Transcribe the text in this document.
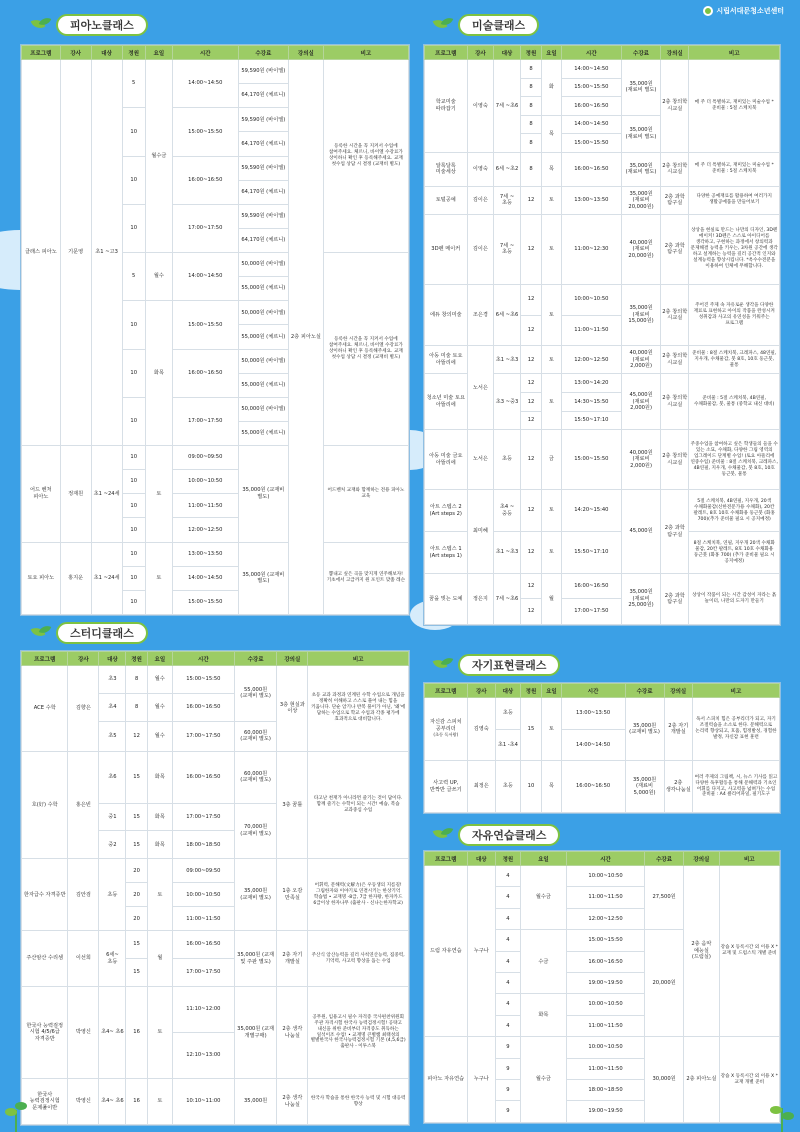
시립서대문청소년센터
피아노클래스
프로그램	강사	대상	정원	요일	시간	수강료	강의실	비고
클래스 피아노	기문영	초1 ~고3	5	월수금	14:00~14:50	59,590원 (바이엘)	2층 피아노실	등록한 시간을 꼭 지켜서 수업에 참여주세요. 체르니, 바이엘 수강료가 상이하니 확인 후 등록해주세요. 교재 첫수업 상담 시 결정 (교재비 별도)
						64,170원 (체르니)		
			10		15:00~15:50	59,590원 (바이엘)		
						64,170원 (체르니)		
			10		16:00~16:50	59,590원 (바이엘)		
						64,170원 (체르니)		
			10		17:00~17:50	59,590원 (바이엘)		
						64,170원 (체르니)		
			5	월수	14:00~14:50	50,000원 (바이엘)		등록한 시간을 꼭 지켜서 수업에 참여주세요. 체르니, 바이엘 수강료가 상이하니 확인 후 등록해주세요. 교재 첫수업 상담 시 결정 (교재비 별도)
						55,000원 (체르니)		
			10	화목	15:00~15:50	50,000원 (바이엘)		
						55,000원 (체르니)		
			10		16:00~16:50	50,000원 (바이엘)		
						55,000원 (체르니)		
			10		17:00~17:50	50,000원 (바이엘)		
						55,000원 (체르니)		
어드 벤처 피아노	정재원	초1 ~24세	10	토	09:00~09:50	35,000원 (교재비 별도)		어드벤처 교재와 함께하는 전용 피아노 교육
			10		10:00~10:50			
			10		11:00~11:50			
			10		12:00~12:50			
토요 피아노	홍지운	초1 ~24세	10	토	13:00~13:50	35,000원 (교재비 별도)		뽑내고 싶은 곡을 맞지게 연주해보자! 기초에서 고급까지 원 포인트 맞춤 레슨
			10		14:00~14:50			
			10		15:00~15:50			
미술클래스
프로그램	강사	대상	정원	요일	시간	수강료	강의실	비고
학교미술 따라잡기	이영숙	7세 ~초6	8	화	14:00~14:50	35,000원 (재료비 별도)	2층 창의학 시교실	매 주 더 특별하고, 재미있는 미술수업 *준비물 : 5절 스케치북
			8		15:00~15:50			
			8		16:00~16:50			
			8	목	14:00~14:50	35,000원 (재료비 별도)		
			8		15:00~15:50			
알록달록 미술세상	이영숙	6세 ~초2	8	목	16:00~16:50	35,000원 (재료비 별도)	2층 창의학 시교실	매 주 더 특별하고, 재미있는 미술수업 *준비물 : 5절 스케치북
토털공예	김이은	7세 ~초등	12	토	13:00~13:50	35,000원 (재료비 20,000원)	2층 과학 탐구실	다양한 공예재료를 활용하여 여러가지 생활공예품을 만들어보기
3D펜 메이커	김이은	7세 ~초등	12	토	11:00~12:30	40,000원 (재료비 20,000원)	2층 과학 탐구실	상상을 현실로 만드는 나만의 디자인, 3D펜 메이커! 3D펜은 스스로 아이디어를 생각하고, 구현하는 과정에서 창의력과 문제해결 능력을 키우는, 3차원 공간에 생각 하고 설계하는 능력을 길러 공간적 인지와 설계능력을 향상시킵니다. *옥수수전분을 이용하여 인체에 무해합니다.
에듀 창의미술	조은경	6세 ~초6	12	토	10:00~10:50	35,000원 (재료비 15,000원)	2층 창의학 시교실	주어진 주제 속 자유로운 생각을 다양한 재료로 표현하고 아이의 작품을 완성시켜 성취감과 사고의 유연성을 키워주는 프로그램
			12		11:00~11:50			
아동 미술 토요 아뜰리에	노서은	초1 ~초3	12	토	12:00~12:50	40,000원 (재료비 2,000원)	2층 창의학 시교실	준비물 : 8절 스케치북, 크레파스, 48연필, 지우개, 수채물감, 붓 8호, 10호 둥근붓, 물통
청소년 미술 토요 아뜰리에		초3 ~중3	12	토	13:00~14:20	45,000원 (재료비 2,000원)	2층 창의학 시교실	준비물 : 5절 스케치북, 4B연필, 수채화물감, 붓, 물통 (중학교 내신 대비)
			12		14:30~15:50			
			12		15:50~17:10			
아동 미술 금요 아뜰리에	노서은	초등	12	금	15:00~15:50	40,000원 (재료비 2,000원)	2층 창의학 시교실	주중수업을 참여하고 싶은 학생들의 들을 수 있는 소묘, 수채화, 다양한 그림 영역의 업그레이드 단계별 수업! (토요 아뜰리에 연중수업) 준비물 : 8절 스케치북, 크레파스, 4B연필, 지우개, 수채물감, 붓 8호, 10호 둥근붓, 물통
아트 스텝스 2 (Art steps 2)	최미혜	초4 ~중등	12	토	14:20~15:40	45,000원	2층 과학 탐구실	5절 스케치북, 4B연필, 지우개, 20색 수채화물감(신한전문가용 수채화), 20칸 팔레트, 8호 10호 수채화용 둥근붓 (화홍 700)(추가 준비물 필요 시 공지예정)
아트 스텝스 1 (Art steps 1)		초1 ~초3	12	토	15:50~17:10			8절 스케치북, 연필, 지우개 20색 수채화 물감, 20칸 팔레트, 8호 10호 수채화용 둥근붓 (화홍 700) (추가 준비물 필요 시 공지예정)
꿈을 빚는 도예	정은지	7세 ~초6	12	월	16:00~16:50	35,000원 (재료비 25,000원)	2층 과학 탐구실	상상이 작품이 되는 시간 감성이 자라는 흙 놀이터, 나만의 도자기 만들기
			12		17:00~17:50			
스터디클래스
프로그램	강사	대상	정원	요일	시간	수강료	강의실	비고
ACE 수학	김향은	초3	8	월수	15:00~15:50	55,000원 (교재비 별도)	3층 현실과 이상	초등 교과 과정과 연계된 수학 수업으로 개념을 정확히 이해하고 스스로 풀어 내는 힘을 키웁니다. 단순 암기나 반복 풀이가 아닌, '왜'에 답하는 수업으로 학교 수업과 각종 평가에 효과적으로 대비합니다.
		초4	8	월수	16:00~16:50			
		초5	12	월수	17:00~17:50	60,000원 (교재비 별도)		
호(好) 수학	홍은빈	초6	15	화목	16:00~16:50	60,000원 (교재비 별도)	3층 꿈틀	타고난 천재가 아니라면 즐기는 것이 답이다. 함께 즐기는 수학이 되는 시간! 예습, 복습 교과중심 수업
		중1	15	화목	17:00~17:50	70,000원 (교재비 별도)		
		중2	15	화목	18:00~18:50			
한자급수 자격증반	김안검	초등	20	토	09:00~09:50	35,000원 (교재비 별도)	1층 오감 만족실	어휘력, 문해력(文解力)은 우등생의 지름길! 그림한자와 이야기로 연결시키는 한상기억 학습법 • 교재명 -8급, 7급 한자왕, 한자카드 6급이상 한자나무 (출판사 - 신나는한자학교)
			20		10:00~10:50			
			20		11:00~11:50			
주산암산 수리셈	이선희	6세~ 초등	15	월	16:00~16:50	35,000원 (교재 및 주판 별도)	2층 자기 개발실	주산식 암산능력을 길러 사칙연산능력, 집중력, 기억력, 사고력 향상을 돕는 수업
			15		17:00~17:50			
한국사 능력검정 시험 4/5/6급 자격증반	박영신	초4~ 초6	16	토	11:10~12:00	35,000원 (교재 개별구매)	2층 생각 나눔실	공무원, 임용고시 필수 자격증 국사편찬위원회 주관 자격시험 한국사 능력검정시험! 공략고 내신을 위한 준비부터 자격증도 취득하는 일석이조 수업! • 교재명 큰별쌤 최태성의 별별한국사 한국사능력검정시험 기본 (4,5,6급) 출판사 - 이투스북
					12:10~13:00			
한국사 능력검정시험 문제풀이반	박영신	초4~ 초6	16	토	10:10~11:00	35,000원	2층 생각 나눔실	한국사 학습을 통한 한국사 능력 및 시험 대응력 향상
자기표현클래스
프로그램	강사	대상	정원	요일	시간	수강료	강의실	비고
자신감 스피치 공부리더
(초등 독서왕)	김영숙	초등	15	토	13:00~13:50	35,000원 (교재비 별도)	2층 자기 개발실	독서 스피치 힘은 공부리더가 되고, 자기 조절력습을 소소로 한다. 문해력으로 논리력 향상되고, 호흡, 힘정발성, 경험한 발정, 자신감 표현 훈련
		초1 -초4			14:00~14:50			
사고력 UP, 반짝반 글쓰기	최정은	초등	10	목	16:00~16:50	35,000원 (재료비 5,000원)	2층 생각나눔실	여러 주제의 그림책, 시, 뉴스 기사를 읽고 다양한 독후활동을 통해 문해력과 기초인 어휘를 다지고, 사고력을 넓혀가는 수업 준비물 : A4 클리어파일, 필기도구
자유연습클래스
프로그램	대상	정원	요일	시간	수강료	강의실	비고
드럼 자유연습	누구나	4	월수금	10:00~10:50	27,500원	2층 음악 예능실 (드럼실)	강습 X 등록시간 외 이용 X *교재 및 드럼스틱 개별 준비
		4		11:00~11:50			
		4		12:00~12:50			
		4	수금	15:00~15:50	20,000원		
		4		16:00~16:50			
		4		19:00~19:50			
		4	화목	10:00~10:50			
		4		11:00~11:50			
피아노 자유연습	누구나	9	월수금	10:00~10:50	30,000원	2층 피아노실	강습 X 등록시간 외 이용 X *교재 개별 준비
		9		11:00~11:50			
		9		18:00~18:50			
		9		19:00~19:50			
